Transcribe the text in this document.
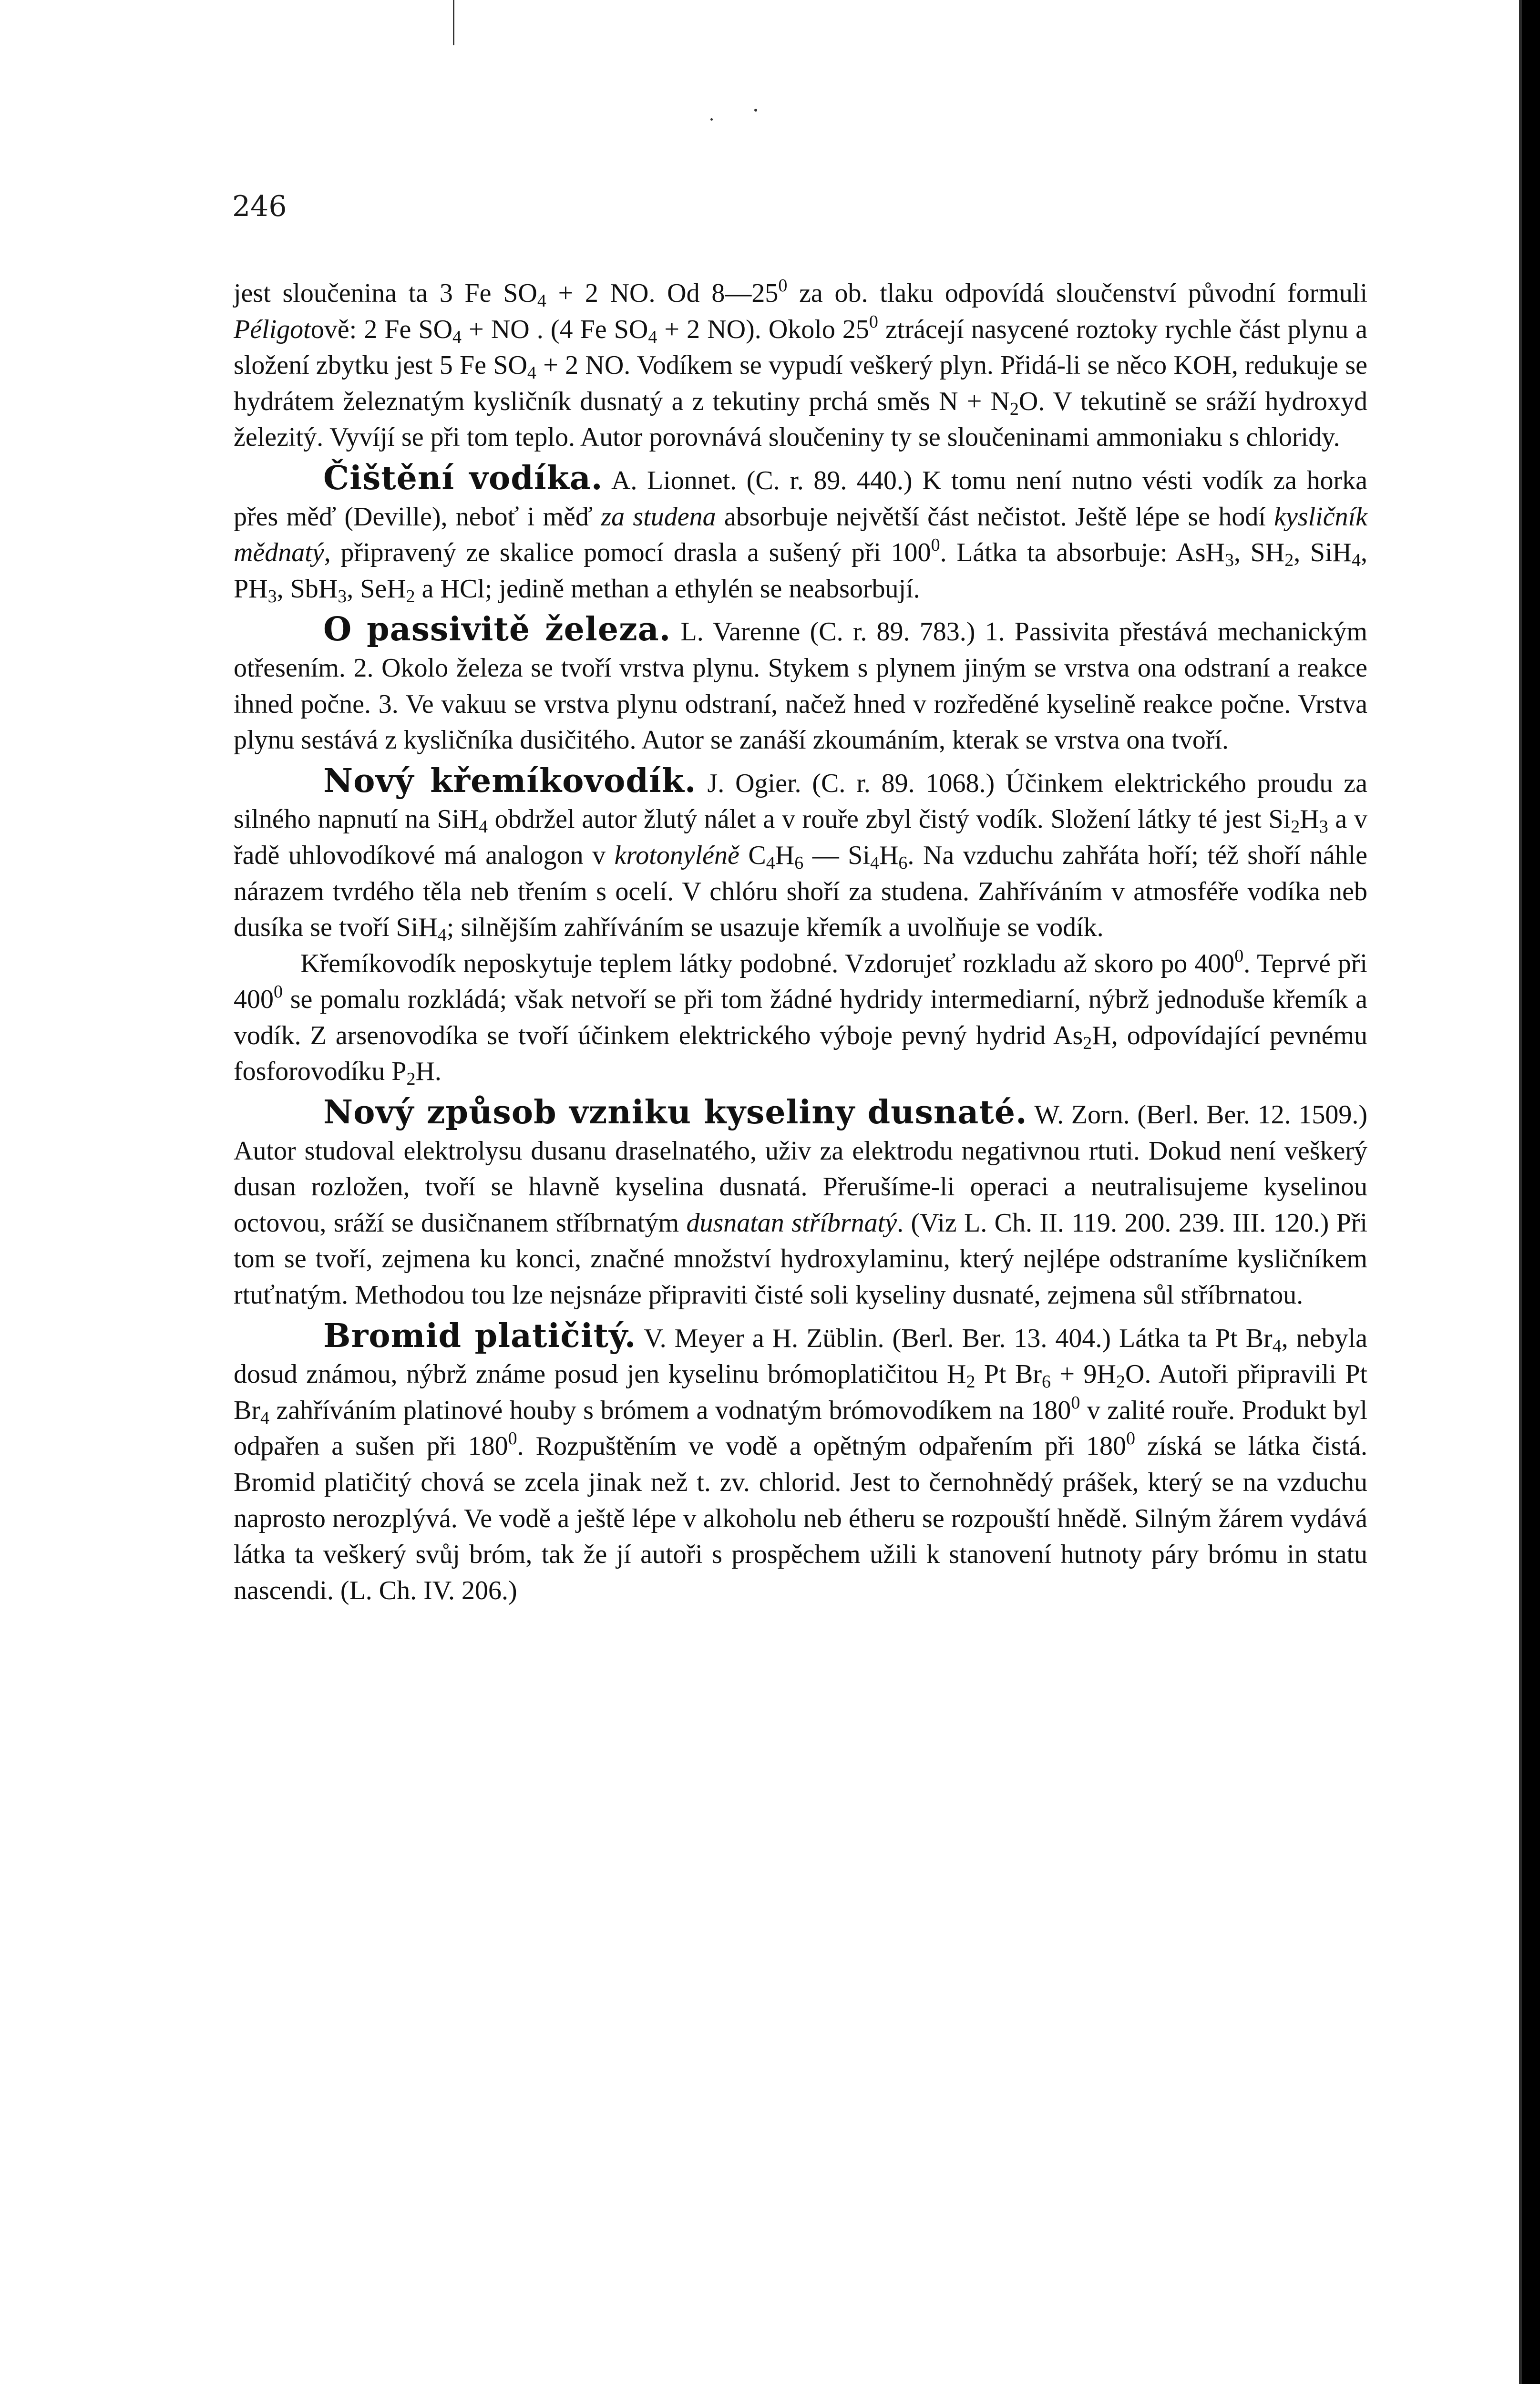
246

jest sloučenina ta 3 Fe $SO_4 + 2$ NO. Od $8—25^0$ za ob. tlaku odpovídá sloučenství původní formuli Péligotově: 2 Fe $SO_4$ + NO . (4 Fe $SO_4 + 2$ NO). Okolo $25^0$ ztrácejí nasycené roztoky rychle část plynu a složení zbytku jest 5 Fe $SO_4 + 2$ NO. Vodíkem se vypudí veškerý plyn. Přidá-li se něco KOH, redukuje se hydrátem železnatým kysličník dusnatý a z tekutiny prchá směs $N + N_2O$. V tekutině se sráží hydroxyd železitý. Vyvíjí se při tom teplo. Autor porovnává sloučeniny ty se sloučeninami ammoniaku s chloridy.

Čištění vodíka. A. Lionnet. (C. r. 89. 440.) K tomu není nutno vésti vodík za horka přes měď (Deville), neboť i měď za studena absorbuje největší část nečistot. Ještě lépe se hodí kysličník mědnatý, připravený ze skalice pomocí drasla a sušený při $100^0$. Látka ta absorbuje: AsH$_3$, $SH_2$, SiH$_4$, $PH_3$, SbH$_3$, SeH$_2$ a HCl; jedině methan a ethylén se neabsorbují.

O passivitě železa. L. Varenne (C. r. 89. 783.) 1. Passivita přestává mechanickým otřesením. 2. Okolo železa se tvoří vrstva plynu. Stykem s plynem jiným se vrstva ona odstraní a reakce ihned počne. 3. Ve vakuu se vrstva plynu odstraní, načež hned v rozředěné kyselině reakce počne. Vrstva plynu sestává z kysličníka dusičitého. Autor se zanáší zkoumáním, kterak se vrstva ona tvoří.

Nový křemíkovodík. J. Ogier. (C. r. 89. 1068.) Účinkem elektrického proudu za silného napnutí na SiH$_4$ obdržel autor žlutý nálet a v rouře zbyl čistý vodík. Složení látky té jest $Si_2H_3$ a v řadě uhlovodíkové má analogon v krotonyléně $C_4H_6$ — $Si_4H_6$. Na vzduchu zahřáta hoří; též shoří náhle nárazem tvrdého těla neb třením s ocelí. V chlóru shoří za studena. Zahříváním v atmosféře vodíka neb dusíka se tvoří SiH$_4$; silnějším zahříváním se usazuje křemík a uvolňuje se vodík.

Křemíkovodík neposkytuje teplem látky podobné. Vzdorujeť rozkladu až skoro po $400^0$. Teprvé při $400^0$ se pomalu rozkládá; však netvoří se při tom žádné hydridy intermediarní, nýbrž jednoduše křemík a vodík. Z arsenovodíka se tvoří účinkem elektrického výboje pevný hydrid $As_2H$, odpovídající pevnému fosforovodíku $P_2H$.

Nový způsob vzniku kyseliny dusnaté. W. Zorn. (Berl. Ber. 12. 1509.) Autor studoval elektrolysu dusanu draselnatého, uživ za elektrodu negativnou rtuti. Dokud není veškerý dusan rozložen, tvoří se hlavně kyselina dusnatá. Přerušíme-li operaci a neutralisujeme kyselinou octovou, sráží se dusičnanem stříbrnatým dusnatan stříbrnatý. (Viz L. Ch. II. 119. 200. 239. III. 120.) Při tom se tvoří, zejmena ku konci, značné množství hydroxylaminu, který nejlépe odstraníme kysličníkem rtuťnatým. Methodou tou lze nejsnáze připraviti čisté soli kyseliny dusnaté, zejmena sůl stříbrnatou.

Bromid platičitý. V. Meyer a H. Züblin. (Berl. Ber. 13. 404.) Látka ta Pt $Br_4$, nebyla dosud známou, nýbrž známe posud jen kyselinu brómoplatičitou $H_2$ Pt $Br_6 + 9H_2O$. Autoři připravili Pt $Br_4$ zahříváním platinové houby s brómem a vodnatým brómovodíkem na $180^0$ v zalité rouře. Produkt byl odpařen a sušen při $180^0$. Rozpuštěním ve vodě a opětným odpařením při $180^0$ získá se látka čistá. Bromid platičitý chová se zcela jinak než t. zv. chlorid. Jest to černohnědý prášek, který se na vzduchu naprosto nerozplývá. Ve vodě a ještě lépe v alkoholu neb étheru se rozpouští hnědě. Silným žárem vydává látka ta veškerý svůj bróm, tak že jí autoři s prospěchem užili k stanovení hutnoty páry brómu in statu nascendi. (L. Ch. IV. 206.)
